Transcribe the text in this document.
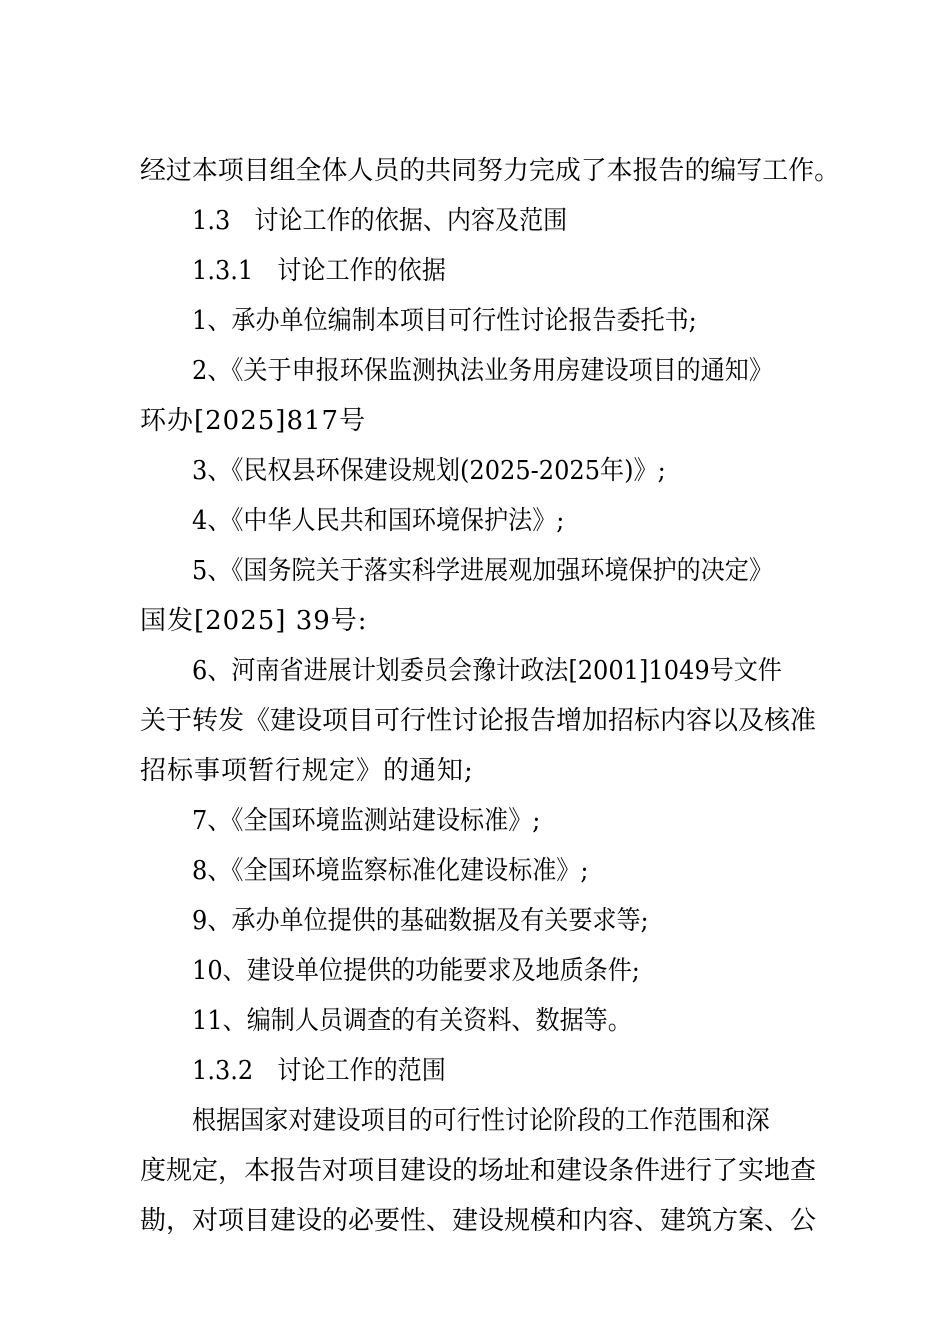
经过本项目组全体人员的共同努力完成了本报告的编写工作。
1.3　讨论工作的依据、内容及范围
1.3.1　讨论工作的依据
1、承办单位编制本项目可行性讨论报告委托书;
2、《关于申报环保监测执法业务用房建设项目的通知》
环办[2025]817号
3、《民权县环保建设规划(2025-2025年)》;
4、《中华人民共和国环境保护法》;
5、《国务院关于落实科学进展观加强环境保护的决定》
国发[2025] 39号:
6、河南省进展计划委员会豫计政法[2001]1049号文件
关于转发《建设项目可行性讨论报告增加招标内容以及核准
招标事项暂行规定》的通知;
7、《全国环境监测站建设标准》;
8、《全国环境监察标准化建设标准》;
9、承办单位提供的基础数据及有关要求等;
10、建设单位提供的功能要求及地质条件;
11、编制人员调查的有关资料、数据等。
1.3.2　讨论工作的范围
根据国家对建设项目的可行性讨论阶段的工作范围和深
度规定，本报告对项目建设的场址和建设条件进行了实地查
勘，对项目建设的必要性、建设规模和内容、建筑方案、公
